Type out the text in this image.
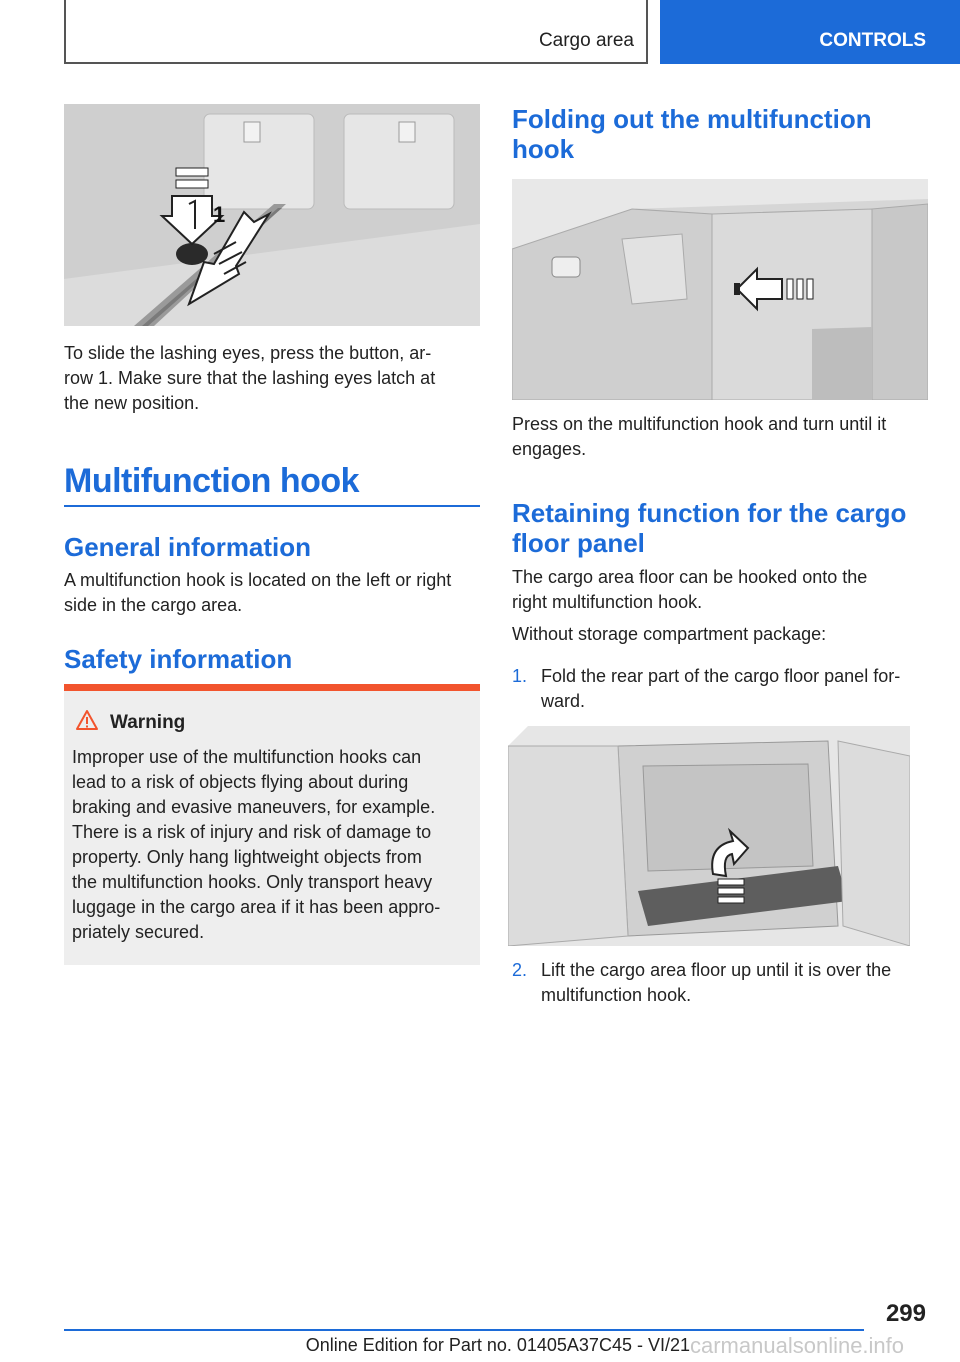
Cargo area	CONTROLS
1
To slide the lashing eyes, press the button, ar-
row 1. Make sure that the lashing eyes latch at
the new position.
Multifunction hook
General information
A multifunction hook is located on the left or right
side in the cargo area.
Safety information
Warning
Improper use of the multifunction hooks can
lead to a risk of objects flying about during
braking and evasive maneuvers, for example.
There is a risk of injury and risk of damage to
property. Only hang lightweight objects from
the multifunction hooks. Only transport heavy
luggage in the cargo area if it has been appro-
priately secured.
Folding out the multifunction
hook
Press on the multifunction hook and turn until it
engages.
Retaining function for the cargo
floor panel
The cargo area floor can be hooked onto the
right multifunction hook.
Without storage compartment package:
1. Fold the rear part of the cargo floor panel for-
ward.
2. Lift the cargo area floor up until it is over the
multifunction hook.
299
Online Edition for Part no. 01405A37C45 - VI/21 carmanualsonline.info
